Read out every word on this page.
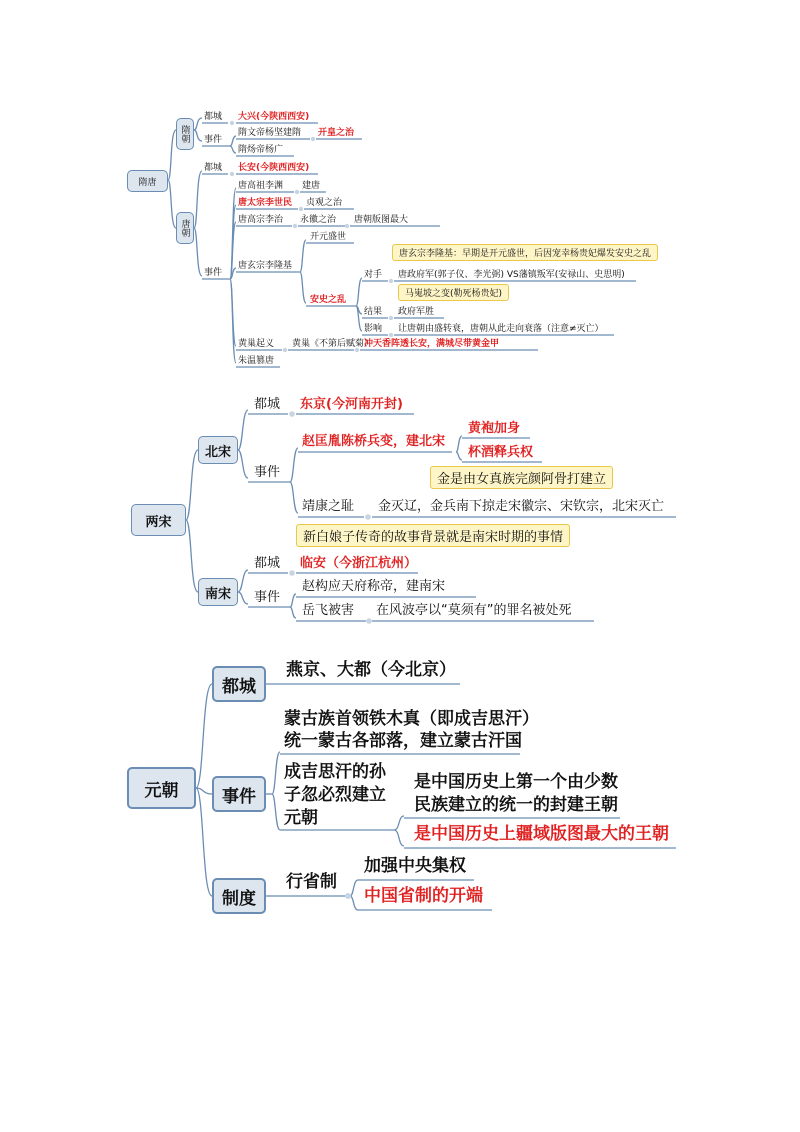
隋唐
隋朝
都城 大兴(今陕西西安)
事件
隋文帝杨坚建隋 开皇之治
隋炀帝杨广
唐朝
都城 长安(今陕西西安)
事件
唐高祖李渊 建唐
唐太宗李世民 贞观之治
唐高宗李治 永徽之治 唐朝版图最大
唐玄宗李隆基
开元盛世
安史之乱
唐玄宗李隆基：早期是开元盛世，后因宠幸杨贵妃爆发安史之乱
对手 唐政府军(郭子仪、李光弼) VS藩镇叛军(安禄山、史思明)
马嵬坡之变(勒死杨贵妃)
结果 政府军胜
影响 让唐朝由盛转衰，唐朝从此走向衰落（注意≠灭亡）
黄巢起义 黄巢《不第后赋菊》
冲天香阵透长安，满城尽带黄金甲
朱温篡唐
两宋
北宋
都城 东京(今河南开封)
事件
赵匡胤陈桥兵变，建北宋
黄袍加身
杯酒释兵权
金是由女真族完颜阿骨打建立
靖康之耻 金灭辽，金兵南下掠走宋徽宗、宋钦宗，北宋灭亡
新白娘子传奇的故事背景就是南宋时期的事情
南宋
都城 临安（今浙江杭州）
事件
赵构应天府称帝，建南宋
岳飞被害 在风波亭以“莫须有”的罪名被处死
元朝
都城
燕京、大都（今北京）
事件
蒙古族首领铁木真（即成吉思汗）
统一蒙古各部落，建立蒙古汗国
成吉思汗的孙
子忽必烈建立
元朝
是中国历史上第一个由少数
民族建立的统一的封建王朝
是中国历史上疆域版图最大的王朝
制度
行省制
加强中央集权
中国省制的开端
